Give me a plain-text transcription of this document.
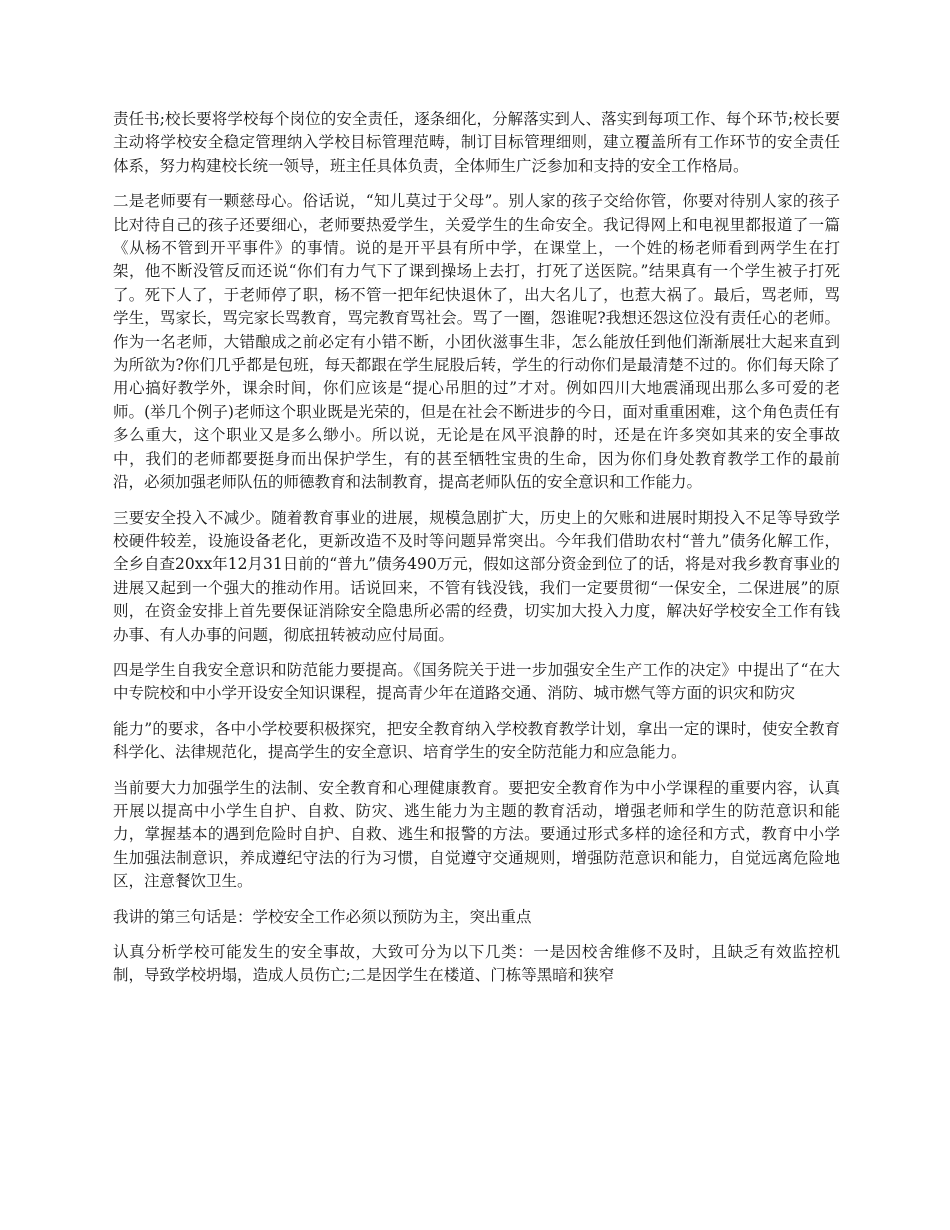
责任书;校长要将学校每个岗位的安全责任，逐条细化，分解落实到人、落实到每项工作、每个环节;校长要主动将学校安全稳定管理纳入学校目标管理范畴，制订目标管理细则，建立覆盖所有工作环节的安全责任体系，努力构建校长统一领导，班主任具体负责，全体师生广泛参加和支持的安全工作格局。

二是老师要有一颗慈母心。俗话说，“知儿莫过于父母”。别人家的孩子交给你管，你要对待别人家的孩子比对待自己的孩子还要细心，老师要热爱学生，关爱学生的生命安全。我记得网上和电视里都报道了一篇《从杨不管到开平事件》的事情。说的是开平县有所中学，在课堂上，一个姓的杨老师看到两学生在打架，他不断没管反而还说“你们有力气下了课到操场上去打，打死了送医院。”结果真有一个学生被子打死了。死下人了，于老师停了职，杨不管一把年纪快退休了，出大名儿了，也惹大祸了。最后，骂老师，骂学生，骂家长，骂完家长骂教育，骂完教育骂社会。骂了一圈，怨谁呢?我想还怨这位没有责任心的老师。作为一名老师，大错酿成之前必定有小错不断，小团伙滋事生非，怎么能放任到他们渐渐展壮大起来直到为所欲为?你们几乎都是包班，每天都跟在学生屁股后转，学生的行动你们是最清楚不过的。你们每天除了用心搞好教学外，课余时间，你们应该是“提心吊胆的过”才对。例如四川大地震涌现出那么多可爱的老师。(举几个例子)老师这个职业既是光荣的，但是在社会不断进步的今日，面对重重困难，这个角色责任有多么重大，这个职业又是多么缈小。所以说，无论是在风平浪静的时，还是在许多突如其来的安全事故中，我们的老师都要挺身而出保护学生，有的甚至牺牲宝贵的生命，因为你们身处教育教学工作的最前沿，必须加强老师队伍的师德教育和法制教育，提高老师队伍的安全意识和工作能力。

三要安全投入不减少。随着教育事业的进展，规模急剧扩大，历史上的欠账和进展时期投入不足等导致学校硬件较差，设施设备老化，更新改造不及时等问题异常突出。今年我们借助农村“普九”债务化解工作，全乡自查20xx年12月31日前的“普九”债务490万元，假如这部分资金到位了的话，将是对我乡教育事业的进展又起到一个强大的推动作用。话说回来，不管有钱没钱，我们一定要贯彻“一保安全，二保进展”的原则，在资金安排上首先要保证消除安全隐患所必需的经费，切实加大投入力度，解决好学校安全工作有钱办事、有人办事的问题，彻底扭转被动应付局面。

四是学生自我安全意识和防范能力要提高。《国务院关于进一步加强安全生产工作的决定》中提出了“在大中专院校和中小学开设安全知识课程，提高青少年在道路交通、消防、城市燃气等方面的识灾和防灾

能力”的要求，各中小学校要积极探究，把安全教育纳入学校教育教学计划，拿出一定的课时，使安全教育科学化、法律规范化，提高学生的安全意识、培育学生的安全防范能力和应急能力。

当前要大力加强学生的法制、安全教育和心理健康教育。要把安全教育作为中小学课程的重要内容，认真开展以提高中小学生自护、自救、防灾、逃生能力为主题的教育活动，增强老师和学生的防范意识和能力，掌握基本的遇到危险时自护、自救、逃生和报警的方法。要通过形式多样的途径和方式，教育中小学生加强法制意识，养成遵纪守法的行为习惯，自觉遵守交通规则，增强防范意识和能力，自觉远离危险地区，注意餐饮卫生。

我讲的第三句话是：学校安全工作必须以预防为主，突出重点

认真分析学校可能发生的安全事故，大致可分为以下几类：一是因校舍维修不及时，且缺乏有效监控机制，导致学校坍塌，造成人员伤亡;二是因学生在楼道、门栋等黑暗和狭窄
